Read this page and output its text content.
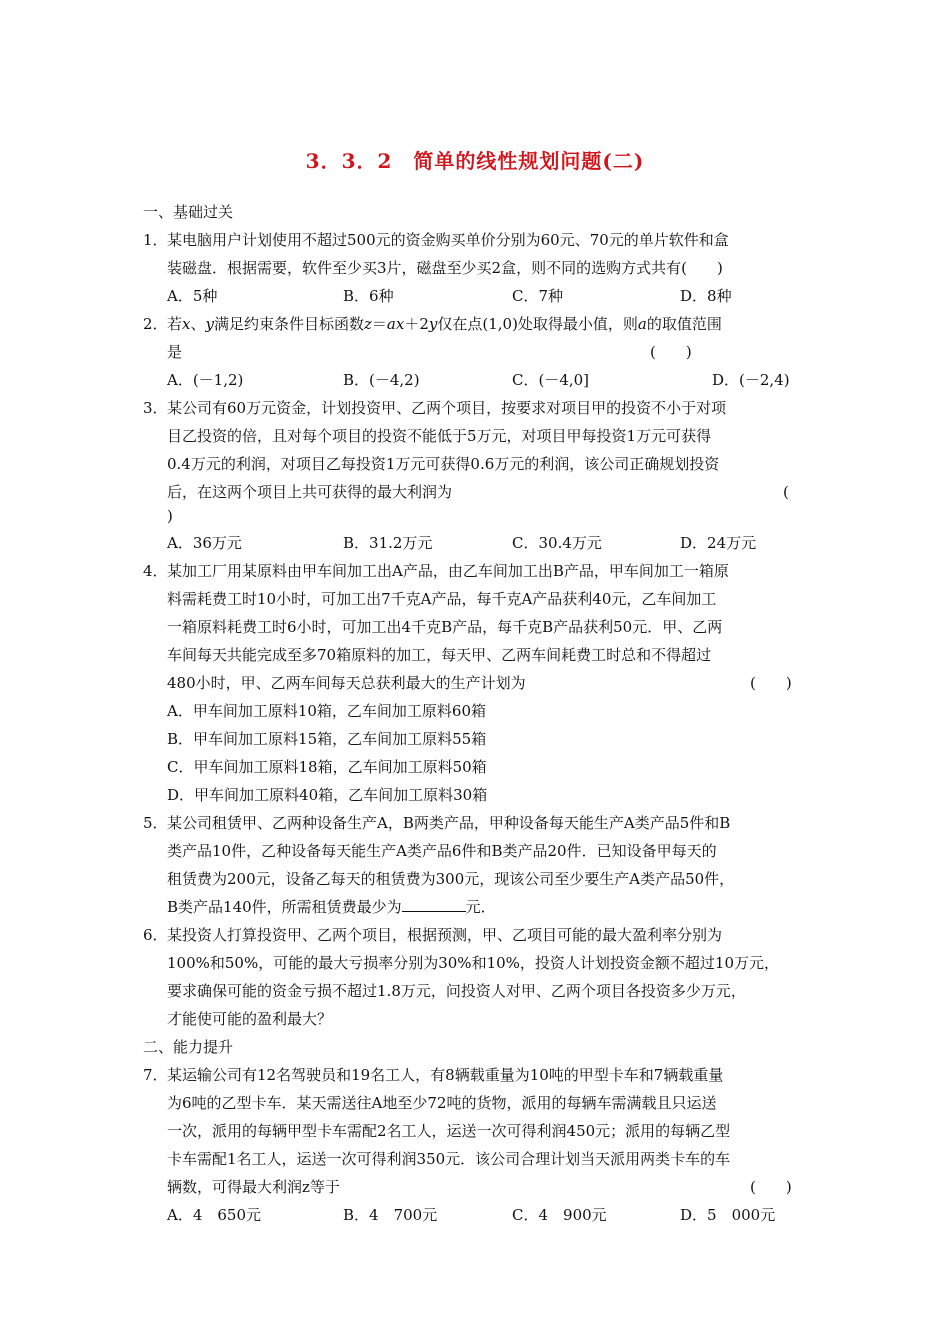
3．3．2　简单的线性规划问题(二)
一、基础过关
1． 某电脑用户计划使用不超过500元的资金购买单价分别为60元、70元的单片软件和盒
装磁盘．根据需要，软件至少买3片，磁盘至少买2盒，则不同的选购方式共有(　　)
A．5种	B．6种	C．7种	D．8种
2． 若x、y满足约束条件目标函数z＝ax＋2y仅在点(1,0)处取得最小值，则a的取值范围
是	(　　)
A．(－1,2)	B．(－4,2)	C．(－4,0]	D．(－2,4)
3． 某公司有60万元资金，计划投资甲、乙两个项目，按要求对项目甲的投资不小于对项
目乙投资的倍，且对每个项目的投资不能低于5万元，对项目甲每投资1万元可获得
0.4万元的利润，对项目乙每投资1万元可获得0.6万元的利润，该公司正确规划投资
后，在这两个项目上共可获得的最大利润为	(
)
A．36万元	B．31.2万元	C．30.4万元	D．24万元
4． 某加工厂用某原料由甲车间加工出A产品，由乙车间加工出B产品，甲车间加工一箱原
料需耗费工时10小时，可加工出7千克A产品，每千克A产品获利40元，乙车间加工
一箱原料耗费工时6小时，可加工出4千克B产品，每千克B产品获利50元．甲、乙两
车间每天共能完成至多70箱原料的加工，每天甲、乙两车间耗费工时总和不得超过
480小时，甲、乙两车间每天总获利最大的生产计划为	(　　)
A．甲车间加工原料10箱，乙车间加工原料60箱
B．甲车间加工原料15箱，乙车间加工原料55箱
C．甲车间加工原料18箱，乙车间加工原料50箱
D．甲车间加工原料40箱，乙车间加工原料30箱
5． 某公司租赁甲、乙两种设备生产A，B两类产品，甲种设备每天能生产A类产品5件和B
类产品10件，乙种设备每天能生产A类产品6件和B类产品20件．已知设备甲每天的
租赁费为200元，设备乙每天的租赁费为300元，现该公司至少要生产A类产品50件，
B类产品140件，所需租赁费最少为	元．
6． 某投资人打算投资甲、乙两个项目，根据预测，甲、乙项目可能的最大盈利率分别为
100%和50%，可能的最大亏损率分别为30%和10%，投资人计划投资金额不超过10万元，
要求确保可能的资金亏损不超过1.8万元，问投资人对甲、乙两个项目各投资多少万元，
才能使可能的盈利最大？
二、能力提升
7． 某运输公司有12名驾驶员和19名工人，有8辆载重量为10吨的甲型卡车和7辆载重量
为6吨的乙型卡车．某天需送往A地至少72吨的货物，派用的每辆车需满载且只运送
一次，派用的每辆甲型卡车需配2名工人，运送一次可得利润450元；派用的每辆乙型
卡车需配1名工人，运送一次可得利润350元．该公司合理计划当天派用两类卡车的车
辆数，可得最大利润z等于	(　　)
A．4　650元	B．4　700元	C．4　900元	D．5　000元
